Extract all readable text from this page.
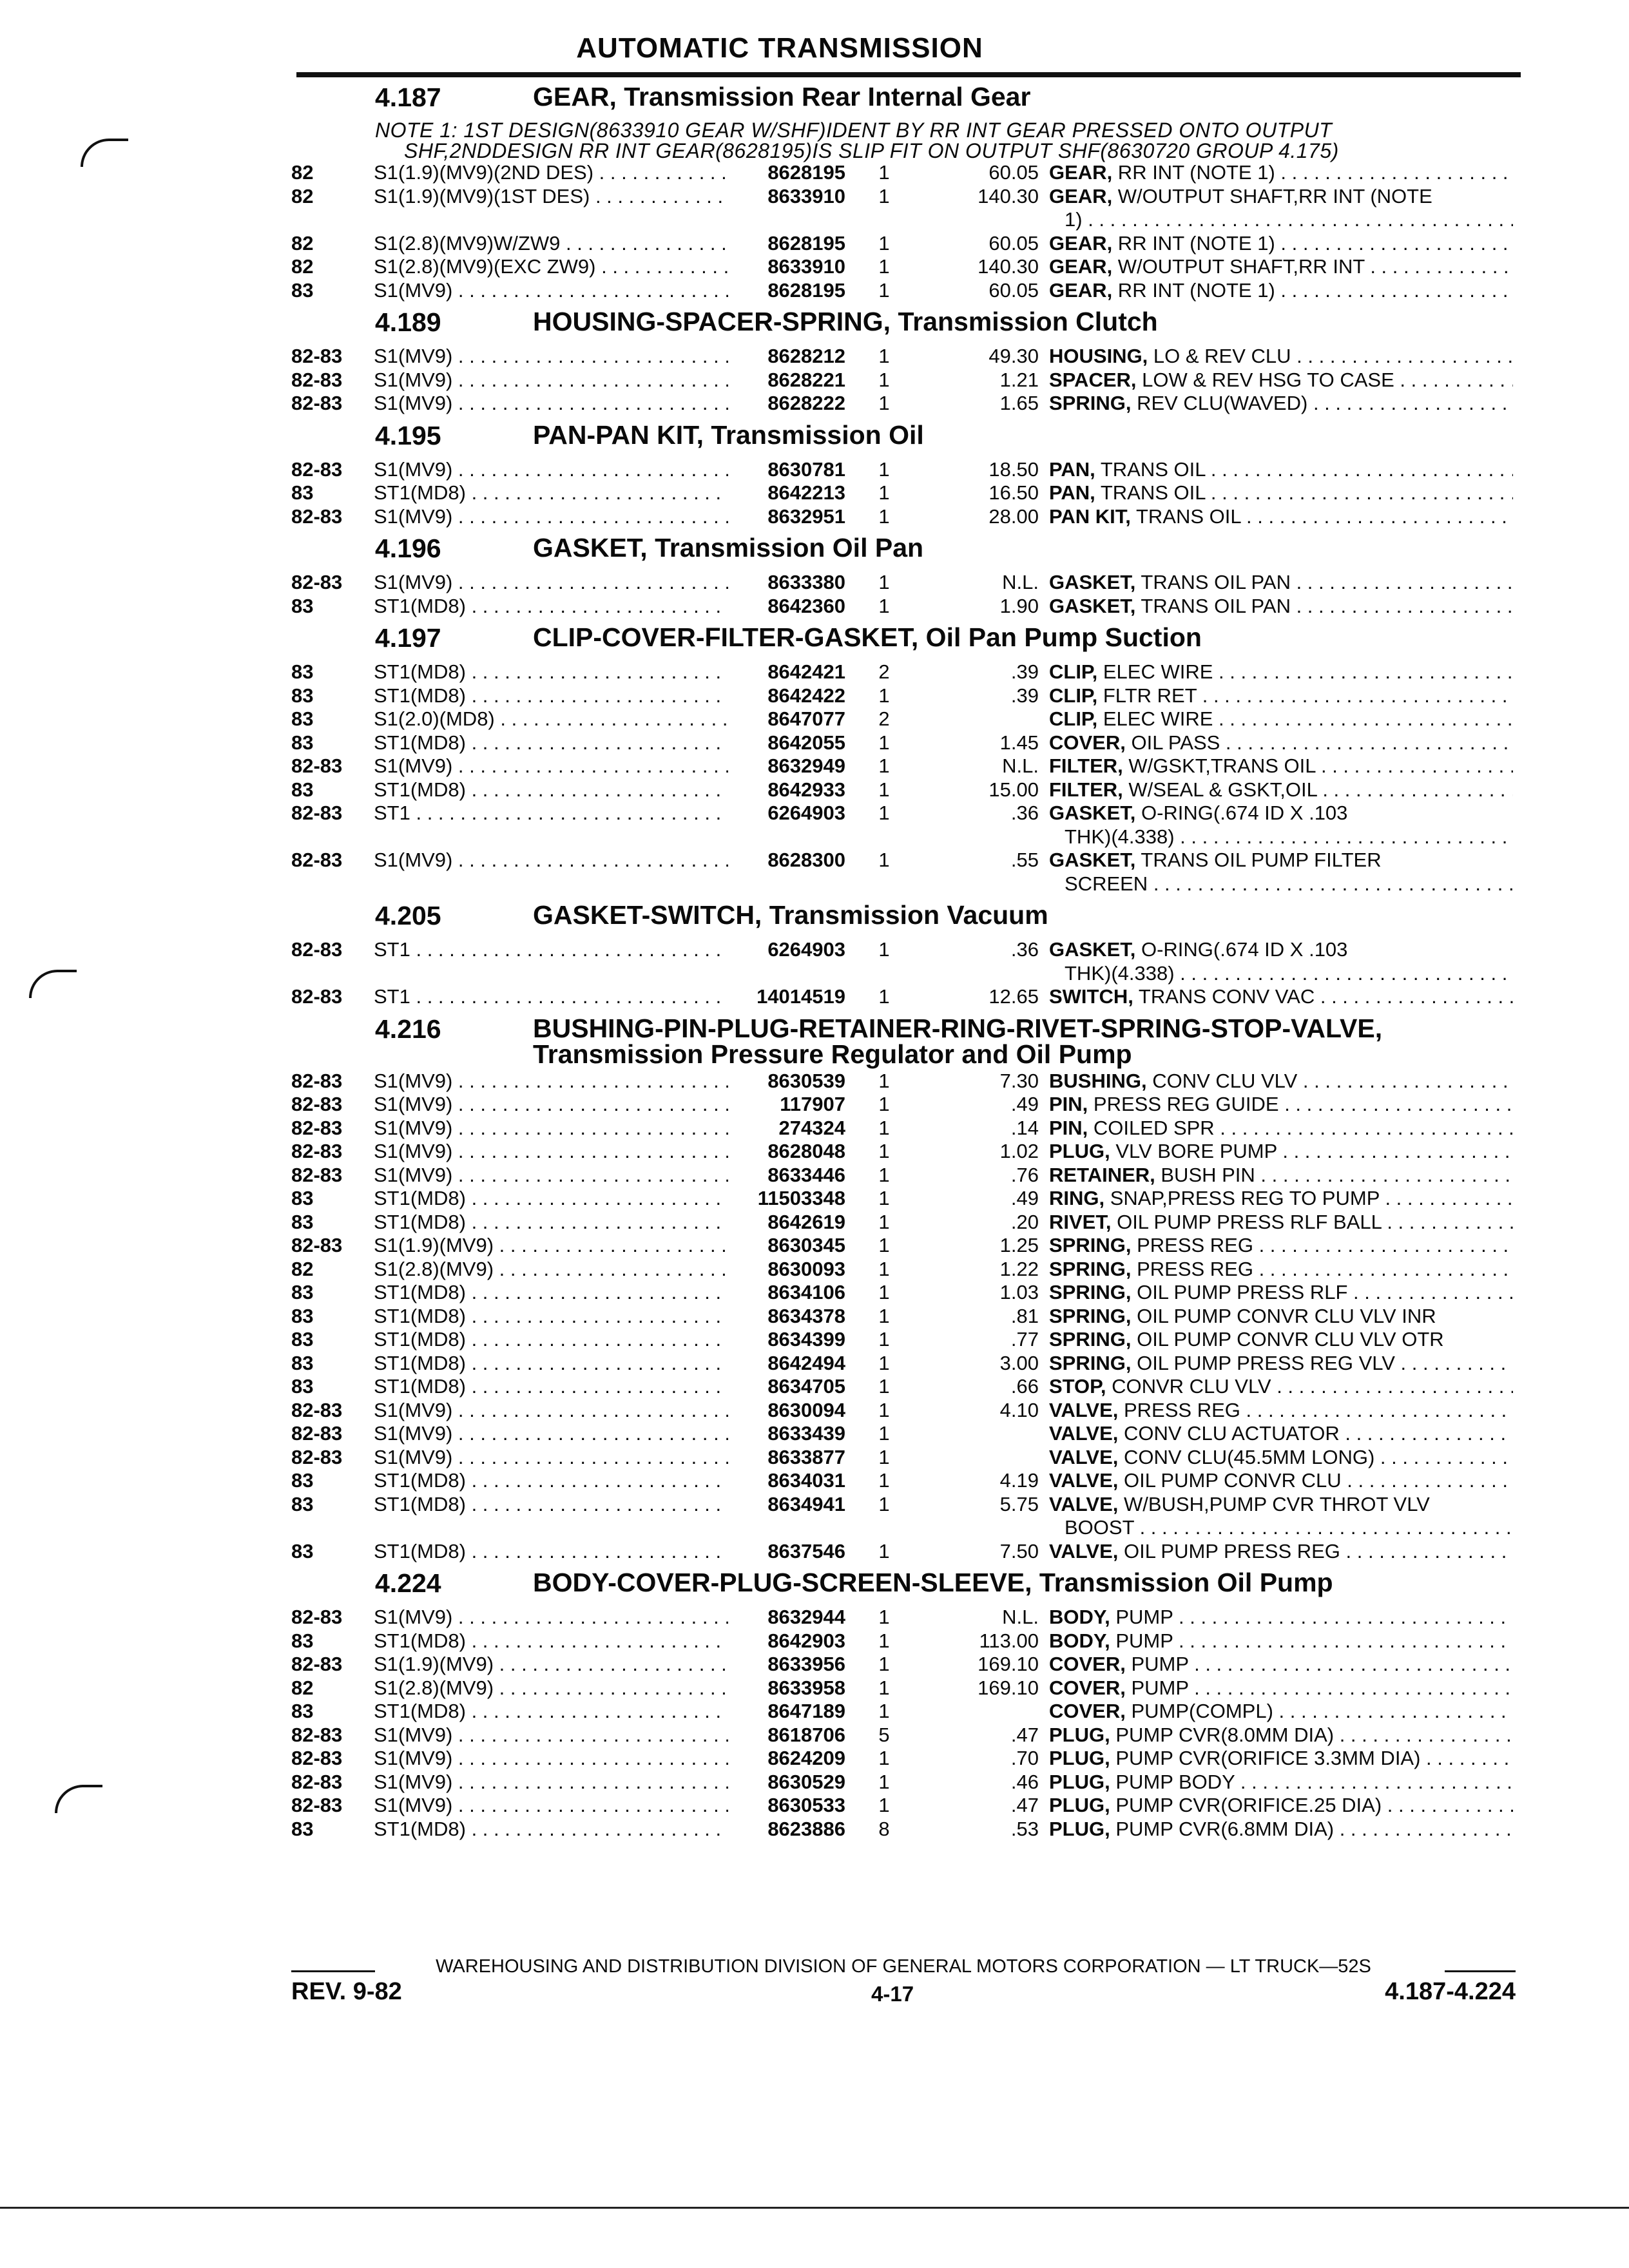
AUTOMATIC TRANSMISSION
4.187	GEAR, Transmission Rear Internal Gear
NOTE 1: 1ST DESIGN(8633910 GEAR W/SHF)IDENT BY RR INT GEAR PRESSED ONTO OUTPUT
SHF,2NDDESIGN RR INT GEAR(8628195)IS SLIP FIT ON OUTPUT SHF(8630720 GROUP 4.175)
82	S1(1.9)(MV9)(2ND DES) . . .	8628195	1	60.05 GEAR, RR INT (NOTE 1) . . .
82	S1(1.9)(MV9)(1ST DES) . . .	8633910	1	140.30 GEAR, W/OUTPUT SHAFT,RR INT (NOTE
1) . . .
82	S1(2.8)(MV9)W/ZW9 . . .	8628195	1	60.05 GEAR, RR INT (NOTE 1) . . .
82	S1(2.8)(MV9)(EXC ZW9) . . .	8633910	1	140.30 GEAR, W/OUTPUT SHAFT,RR INT . . .
83	S1(MV9) . . .	8628195	1	60.05 GEAR, RR INT (NOTE 1) . . .
4.189	HOUSING-SPACER-SPRING, Transmission Clutch
82-83 S1(MV9) . . .	8628212	1	49.30 HOUSING, LO & REV CLU . . .
82-83 S1(MV9) . . .	8628221	1	1.21 SPACER, LOW & REV HSG TO CASE . . .
82-83 S1(MV9) . . .	8628222	1	1.65 SPRING, REV CLU(WAVED) . . .
4.195	PAN-PAN KIT, Transmission Oil
82-83 S1(MV9) . . .	8630781	1	18.50 PAN, TRANS OIL . . .
83	ST1(MD8) . . .	8642213	1	16.50 PAN, TRANS OIL . . .
82-83 S1(MV9) . . .	8632951	1	28.00 PAN KIT, TRANS OIL . . .
4.196	GASKET, Transmission Oil Pan
82-83 S1(MV9) . . .	8633380	1	N.L. GASKET, TRANS OIL PAN . . .
83	ST1(MD8) . . .	8642360	1	1.90 GASKET, TRANS OIL PAN . . .
4.197	CLIP-COVER-FILTER-GASKET, Oil Pan Pump Suction
83	ST1(MD8) . . .	8642421	2	.39 CLIP, ELEC WIRE . . .
83	ST1(MD8) . . .	8642422	1	.39 CLIP, FLTR RET . . .
83	S1(2.0)(MD8) . . .	8647077	2	CLIP, ELEC WIRE . . .
83	ST1(MD8) . . .	8642055	1	1.45 COVER, OIL PASS . . .
82-83 S1(MV9) . . .	8632949	1	N.L. FILTER, W/GSKT,TRANS OIL . . .
83	ST1(MD8) . . .	8642933	1	15.00 FILTER, W/SEAL & GSKT,OIL . . .
82-83 ST1 . . .	6264903	1	.36 GASKET, O-RING(.674 ID X .103
THK)(4.338) . . .
82-83 S1(MV9) . . .	8628300	1	.55 GASKET, TRANS OIL PUMP FILTER
SCREEN . . .
4.205	GASKET-SWITCH, Transmission Vacuum
82-83 ST1 . . .	6264903	1	.36 GASKET, O-RING(.674 ID X .103
THK)(4.338) . . .
82-83 ST1 . . .	14014519	1	12.65 SWITCH, TRANS CONV VAC . . .
4.216	BUSHING-PIN-PLUG-RETAINER-RING-RIVET-SPRING-STOP-VALVE,
Transmission Pressure Regulator and Oil Pump
82-83 S1(MV9) . . .	8630539	1	7.30 BUSHING, CONV CLU VLV . . .
82-83 S1(MV9) . . .	117907	1	.49 PIN, PRESS REG GUIDE . . .
82-83 S1(MV9) . . .	274324	1	.14 PIN, COILED SPR . . .
82-83 S1(MV9) . . .	8628048	1	1.02 PLUG, VLV BORE PUMP . . .
82-83 S1(MV9) . . .	8633446	1	.76 RETAINER, BUSH PIN . . .
83	ST1(MD8) . . .	11503348	1	.49 RING, SNAP,PRESS REG TO PUMP . . .
83	ST1(MD8) . . .	8642619	1	.20 RIVET, OIL PUMP PRESS RLF BALL . . .
82-83 S1(1.9)(MV9) . . .	8630345	1	1.25 SPRING, PRESS REG . . .
82	S1(2.8)(MV9) . . .	8630093	1	1.22 SPRING, PRESS REG . . .
83	ST1(MD8) . . .	8634106	1	1.03 SPRING, OIL PUMP PRESS RLF . . .
83	ST1(MD8) . . .	8634378	1	.81 SPRING, OIL PUMP CONVR CLU VLV INR
83	ST1(MD8) . . .	8634399	1	.77 SPRING, OIL PUMP CONVR CLU VLV OTR
83	ST1(MD8) . . .	8642494	1	3.00 SPRING, OIL PUMP PRESS REG VLV . . .
83	ST1(MD8) . . .	8634705	1	.66 STOP, CONVR CLU VLV . . .
82-83 S1(MV9) . . .	8630094	1	4.10 VALVE, PRESS REG . . .
82-83 S1(MV9) . . .	8633439	1	VALVE, CONV CLU ACTUATOR . . .
82-83 S1(MV9) . . .	8633877	1	VALVE, CONV CLU(45.5MM LONG) . . .
83	ST1(MD8) . . .	8634031	1	4.19 VALVE, OIL PUMP CONVR CLU . . .
83	ST1(MD8) . . .	8634941	1	5.75 VALVE, W/BUSH,PUMP CVR THROT VLV
BOOST . . .
83	ST1(MD8) . . .	8637546	1	7.50 VALVE, OIL PUMP PRESS REG . . .
4.224	BODY-COVER-PLUG-SCREEN-SLEEVE, Transmission Oil Pump
82-83 S1(MV9) . . .	8632944	1	N.L. BODY, PUMP . . .
83	ST1(MD8) . . .	8642903	1	113.00 BODY, PUMP . . .
82-83 S1(1.9)(MV9) . . .	8633956	1	169.10 COVER, PUMP . . .
82	S1(2.8)(MV9) . . .	8633958	1	169.10 COVER, PUMP . . .
83	ST1(MD8) . . .	8647189	1	COVER, PUMP(COMPL) . . .
82-83 S1(MV9) . . .	8618706	5	.47 PLUG, PUMP CVR(8.0MM DIA) . . .
82-83 S1(MV9) . . .	8624209	1	.70 PLUG, PUMP CVR(ORIFICE 3.3MM DIA) . . .
82-83 S1(MV9) . . .	8630529	1	.46 PLUG, PUMP BODY . . .
82-83 S1(MV9) . . .	8630533	1	.47 PLUG, PUMP CVR(ORIFICE.25 DIA) . . .
83	ST1(MD8) . . .	8623886	8	.53 PLUG, PUMP CVR(6.8MM DIA) . . .
WAREHOUSING AND DISTRIBUTION DIVISION OF GENERAL MOTORS CORPORATION — LT TRUCK—52S
REV. 9-82	4-17	4.187-4.224
